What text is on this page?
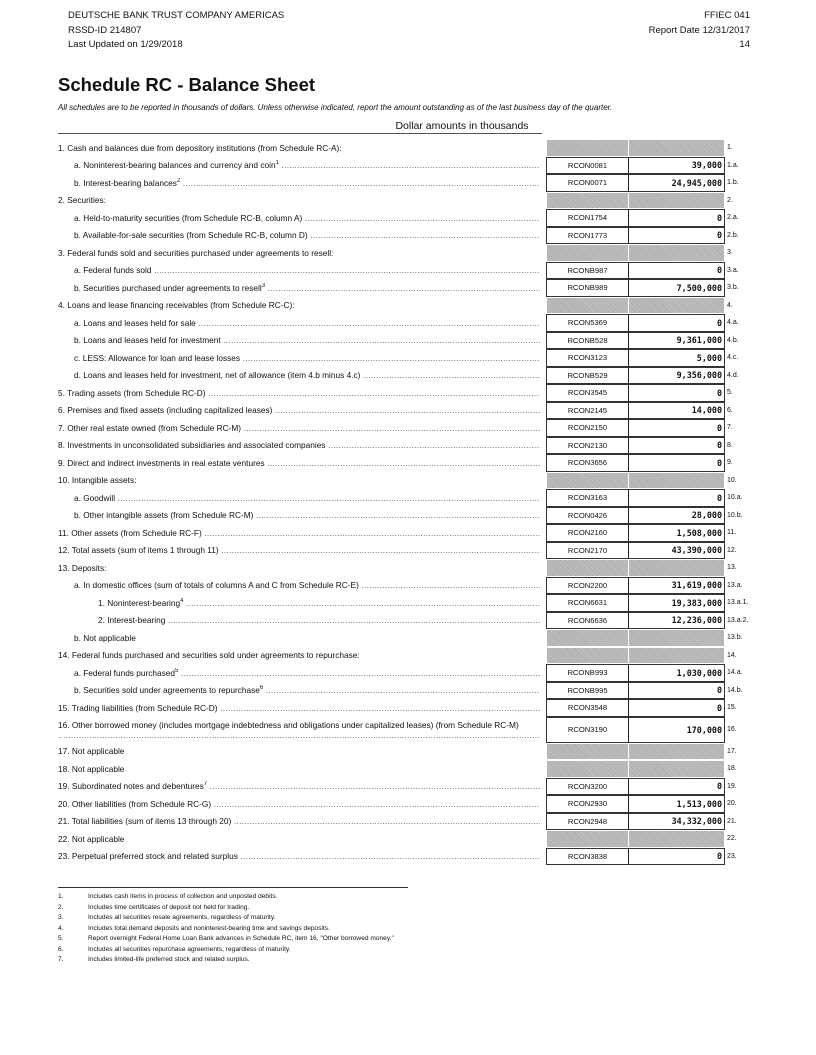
DEUTSCHE BANK TRUST COMPANY AMERICAS
RSSD-ID 214807
Last Updated on 1/29/2018
FFIEC 041
Report Date 12/31/2017
14
Schedule RC - Balance Sheet
All schedules are to be reported in thousands of dollars. Unless otherwise indicated, report the amount outstanding as of the last business day of the quarter.
Dollar amounts in thousands
1. Cash and balances due from depository institutions (from Schedule RC-A):	1.
a. Noninterest-bearing balances and currency and coin$^1$ .....	RCON0081	39,000 1.a.
b. Interest-bearing balances$^2$ .....	RCON0071	24,945,000 1.b.
2. Securities:	2.
a. Held-to-maturity securities (from Schedule RC-B, column A) .....	RCON1754	0 2.a.
b. Available-for-sale securities (from Schedule RC-B, column D) .....	RCON1773	0 2.b.
3. Federal funds sold and securities purchased under agreements to resell:	3.
a. Federal funds sold .....	RCONB987	0 3.a.
b. Securities purchased under agreements to resell$^3$ .....	RCONB989	7,500,000 3.b.
4. Loans and lease financing receivables (from Schedule RC-C):	4.
a. Loans and leases held for sale .....	RCON5369	0 4.a.
b. Loans and leases held for investment .....	RCONB528	9,361,000 4.b.
c. LESS: Allowance for loan and lease losses .....	RCON3123	5,000 4.c.
d. Loans and leases held for investment, net of allowance (item 4.b minus 4.c) .....	RCONB529	9,356,000 4.d.
5. Trading assets (from Schedule RC-D) .....	RCON3545	0 5.
6. Premises and fixed assets (including capitalized leases) .....	RCON2145	14,000 6.
7. Other real estate owned (from Schedule RC-M) .....	RCON2150	0 7.
8. Investments in unconsolidated subsidiaries and associated companies .....	RCON2130	0 8.
9. Direct and indirect investments in real estate ventures .....	RCON3656	0 9.
10. Intangible assets:	10.
a. Goodwill .....	RCON3163	0 10.a.
b. Other intangible assets (from Schedule RC-M) .....	RCON0426	28,000 10.b.
11. Other assets (from Schedule RC-F) .....	RCON2160	1,508,000 11.
12. Total assets (sum of items 1 through 11) .....	RCON2170	43,390,000 12.
13. Deposits:	13.
a. In domestic offices (sum of totals of columns A and C from Schedule RC-E) .....	RCON2200	31,619,000 13.a.
1. Noninterest-bearing$^4$ .....	RCON6631	19,383,000 13.a.1.
2. Interest-bearing .....	RCON6636	12,236,000 13.a.2.
b. Not applicable	13.b.
14. Federal funds purchased and securities sold under agreements to repurchase:	14.
a. Federal funds purchased$^5$ .....	RCONB993	1,030,000 14.a.
b. Securities sold under agreements to repurchase$^6$ .....	RCONB995	0 14.b.
15. Trading liabilities (from Schedule RC-D) .....	RCON3548	0 15.
16. Other borrowed money (includes mortgage indebtedness and obligations under capitalized leases) (from Schedule RC-M) .....	RCON3190	170,000 16.
17. Not applicable	17.
18. Not applicable	18.
19. Subordinated notes and debentures$^7$ .....	RCON3200	0 19.
20. Other liabilities (from Schedule RC-G) .....	RCON2930	1,513,000 20.
21. Total liabilities (sum of items 13 through 20) .....	RCON2948	34,332,000 21.
22. Not applicable	22.
23. Perpetual preferred stock and related surplus .....	RCON3838	0 23.
1.	Includes cash items in process of collection and unposted debits.
2.	Includes time certificates of deposit not held for trading.
3.	Includes all securities resale agreements, regardless of maturity.
4.	Includes total demand deposits and noninterest-bearing time and savings deposits.
5.	Report overnight Federal Home Loan Bank advances in Schedule RC, item 16, "Other borrowed money."
6.	Includes all securities repurchase agreements, regardless of maturity.
7.	Includes limited-life preferred stock and related surplus.
